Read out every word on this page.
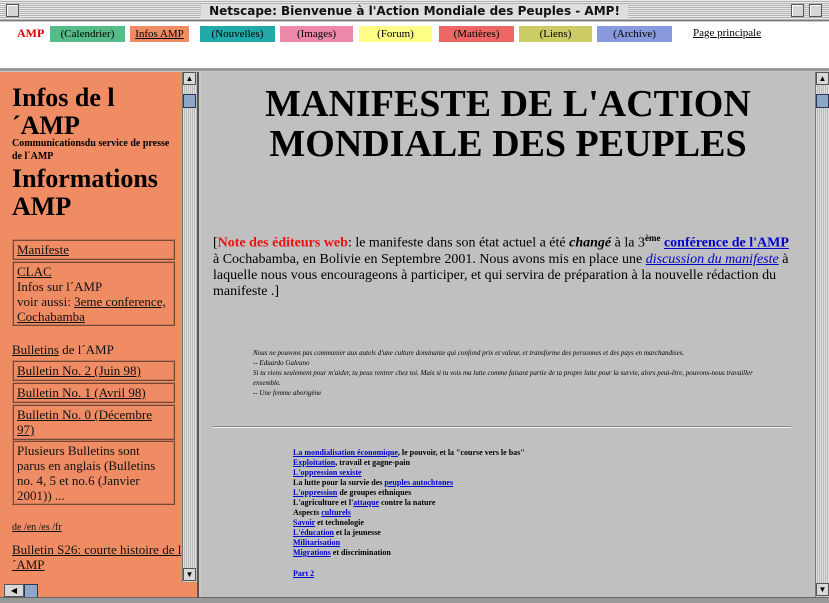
Netscape: Bienvenue à l'Action Mondiale des Peuples - AMP!
AMP	(Calendrier)	Infos AMP	(Nouvelles)	(Images)	(Forum)	(Matières)	(Liens)	(Archive)	Page principale
Infos de l´AMP
Communicationsdu service de presse de l´AMP
Informations AMP
Manifeste
CLAC
Infos sur l´AMP
voir aussi: 3eme conference, Cochabamba
Bulletins de l´AMP
Bulletin No. 2 (Juin 98)
Bulletin No. 1 (Avril 98)
Bulletin No. 0 (Décembre 97)
Plusieurs Bulletins sont parus en anglais (Bulletins no. 4, 5 et no.6 (Janvier 2001)) ...
de /en /es /fr
Bulletin S26: courte histoire de l´AMP
▲
▼
◀
MANIFESTE DE L'ACTION MONDIALE DES PEUPLES
[Note des éditeurs web: le manifeste dans son état actuel a été changé à la 3ème conférence de l'AMP à Cochabamba, en Bolivie en Septembre 2001. Nous avons mis en place une discussion du manifeste à laquelle nous vous encourageons à participer, et qui servira de préparation à la nouvelle rédaction du manifeste .]
Nous ne pouvons pas communier aux autels d'une culture dominante qui confond prix et valeur, et transforme des personnes et des pays en marchandises.
-- Eduardo Galeano
Si tu viens seulement pour m'aider, tu peux rentrer chez toi. Mais si tu vois ma lutte comme faisant partie de ta propre lutte pour la survie, alors peut-être, pouvons-nous travailler ensemble.
-- Une femme aborigène
La mondialisation économique, le pouvoir, et la "course vers le bas"
Exploitation, travail et gagne-pain
L'oppression sexiste
La lutte pour la survie des peuples autochtones
L'oppression de groupes ethniques
L'agriculture et l'attaque contre la nature
Aspects culturels
Savoir et technologie
L'éducation et la jeunesse
Militarisation
Migrations et discrimination
Part 2
▲
▼
